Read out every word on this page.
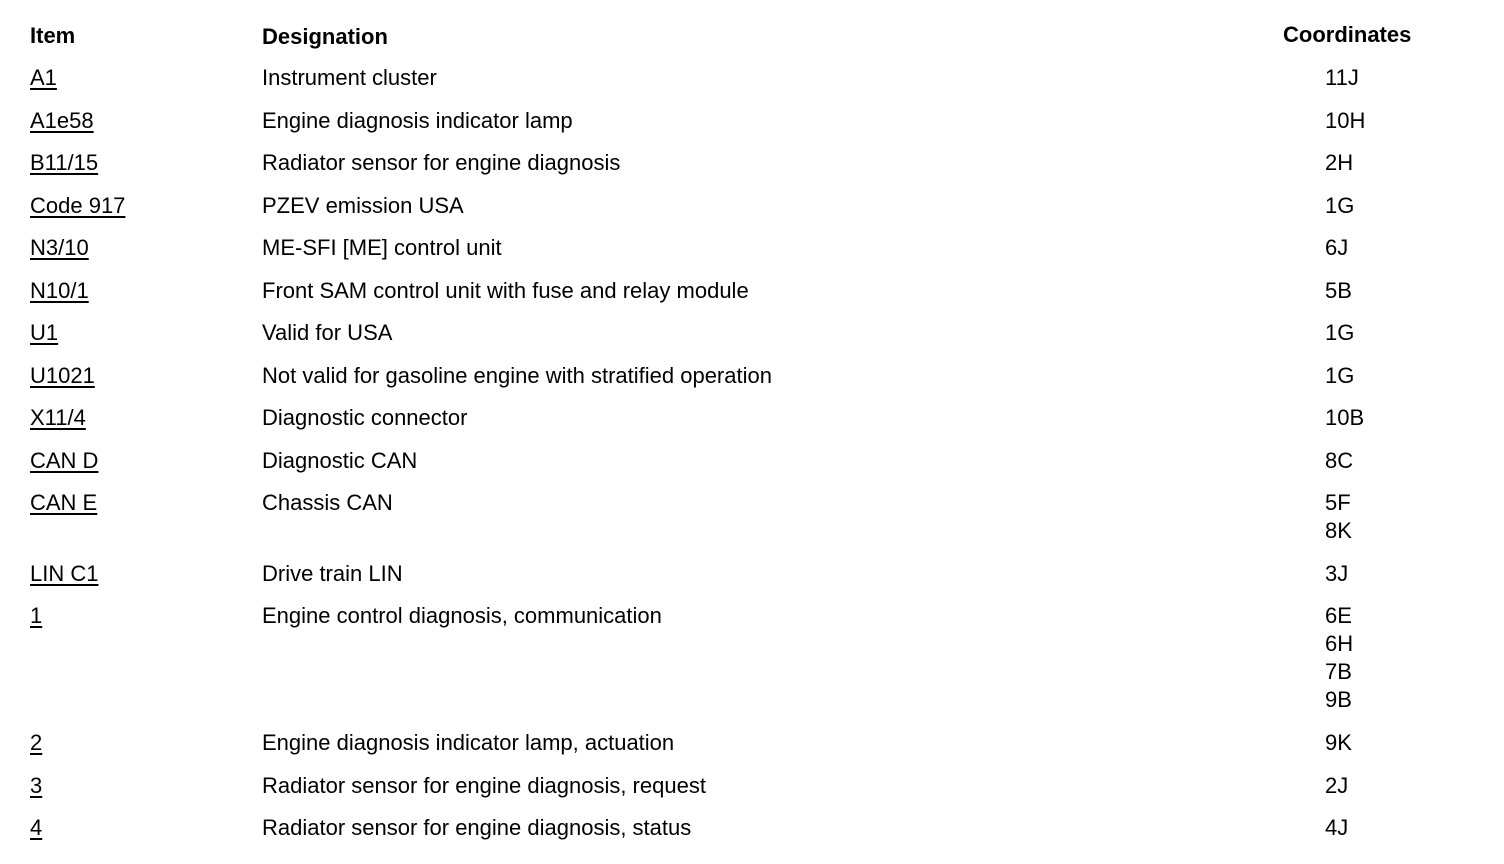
Item	Designation	Coordinates
A1	Instrument cluster	11J
A1e58	Engine diagnosis indicator lamp	10H
B11/15	Radiator sensor for engine diagnosis	2H
Code 917	PZEV emission USA	1G
N3/10	ME-SFI [ME] control unit	6J
N10/1	Front SAM control unit with fuse and relay module	5B
U1	Valid for USA	1G
U1021	Not valid for gasoline engine with stratified operation	1G
X11/4	Diagnostic connector	10B
CAN D	Diagnostic CAN	8C
CAN E	Chassis CAN	5F
8K
LIN C1	Drive train LIN	3J
1	Engine control diagnosis, communication	6E
6H
7B
9B
2	Engine diagnosis indicator lamp, actuation	9K
3	Radiator sensor for engine diagnosis, request	2J
4	Radiator sensor for engine diagnosis, status	4J
